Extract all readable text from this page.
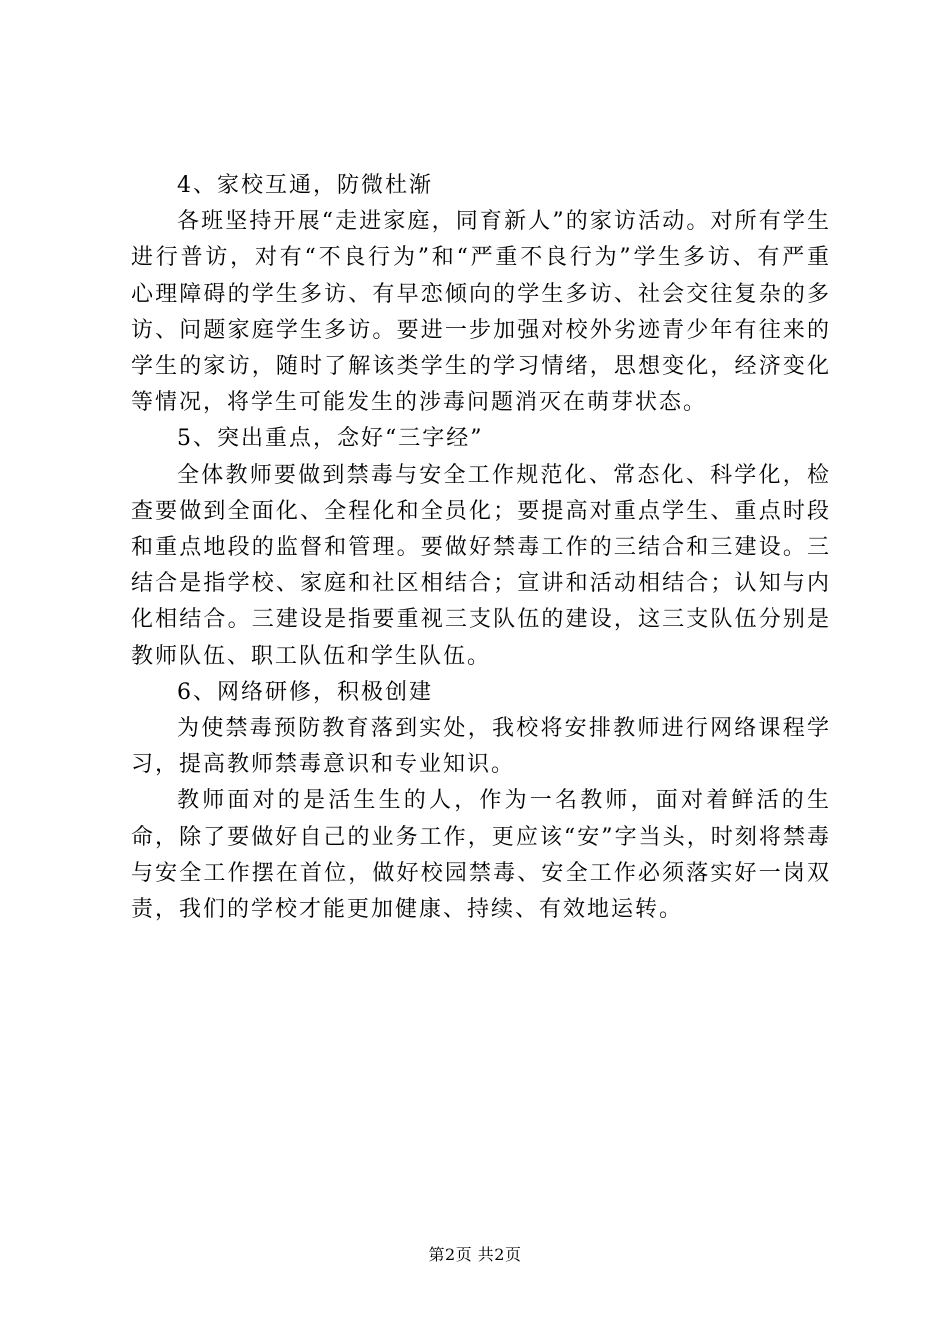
4、家校互通，防微杜渐

各班坚持开展“走进家庭，同育新人”的家访活动。对所有学生进行普访，对有“不良行为”和“严重不良行为”学生多访、有严重心理障碍的学生多访、有早恋倾向的学生多访、社会交往复杂的多访、问题家庭学生多访。要进一步加强对校外劣迹青少年有往来的学生的家访，随时了解该类学生的学习情绪，思想变化，经济变化等情况，将学生可能发生的涉毒问题消灭在萌芽状态。

5、突出重点，念好“三字经”

全体教师要做到禁毒与安全工作规范化、常态化、科学化，检查要做到全面化、全程化和全员化；要提高对重点学生、重点时段和重点地段的监督和管理。要做好禁毒工作的三结合和三建设。三结合是指学校、家庭和社区相结合；宣讲和活动相结合；认知与内化相结合。三建设是指要重视三支队伍的建设，这三支队伍分别是教师队伍、职工队伍和学生队伍。

6、网络研修，积极创建

为使禁毒预防教育落到实处，我校将安排教师进行网络课程学习，提高教师禁毒意识和专业知识。

教师面对的是活生生的人，作为一名教师，面对着鲜活的生命，除了要做好自己的业务工作，更应该“安”字当头，时刻将禁毒与安全工作摆在首位，做好校园禁毒、安全工作必须落实好一岗双责，我们的学校才能更加健康、持续、有效地运转。

第2页 共2页
